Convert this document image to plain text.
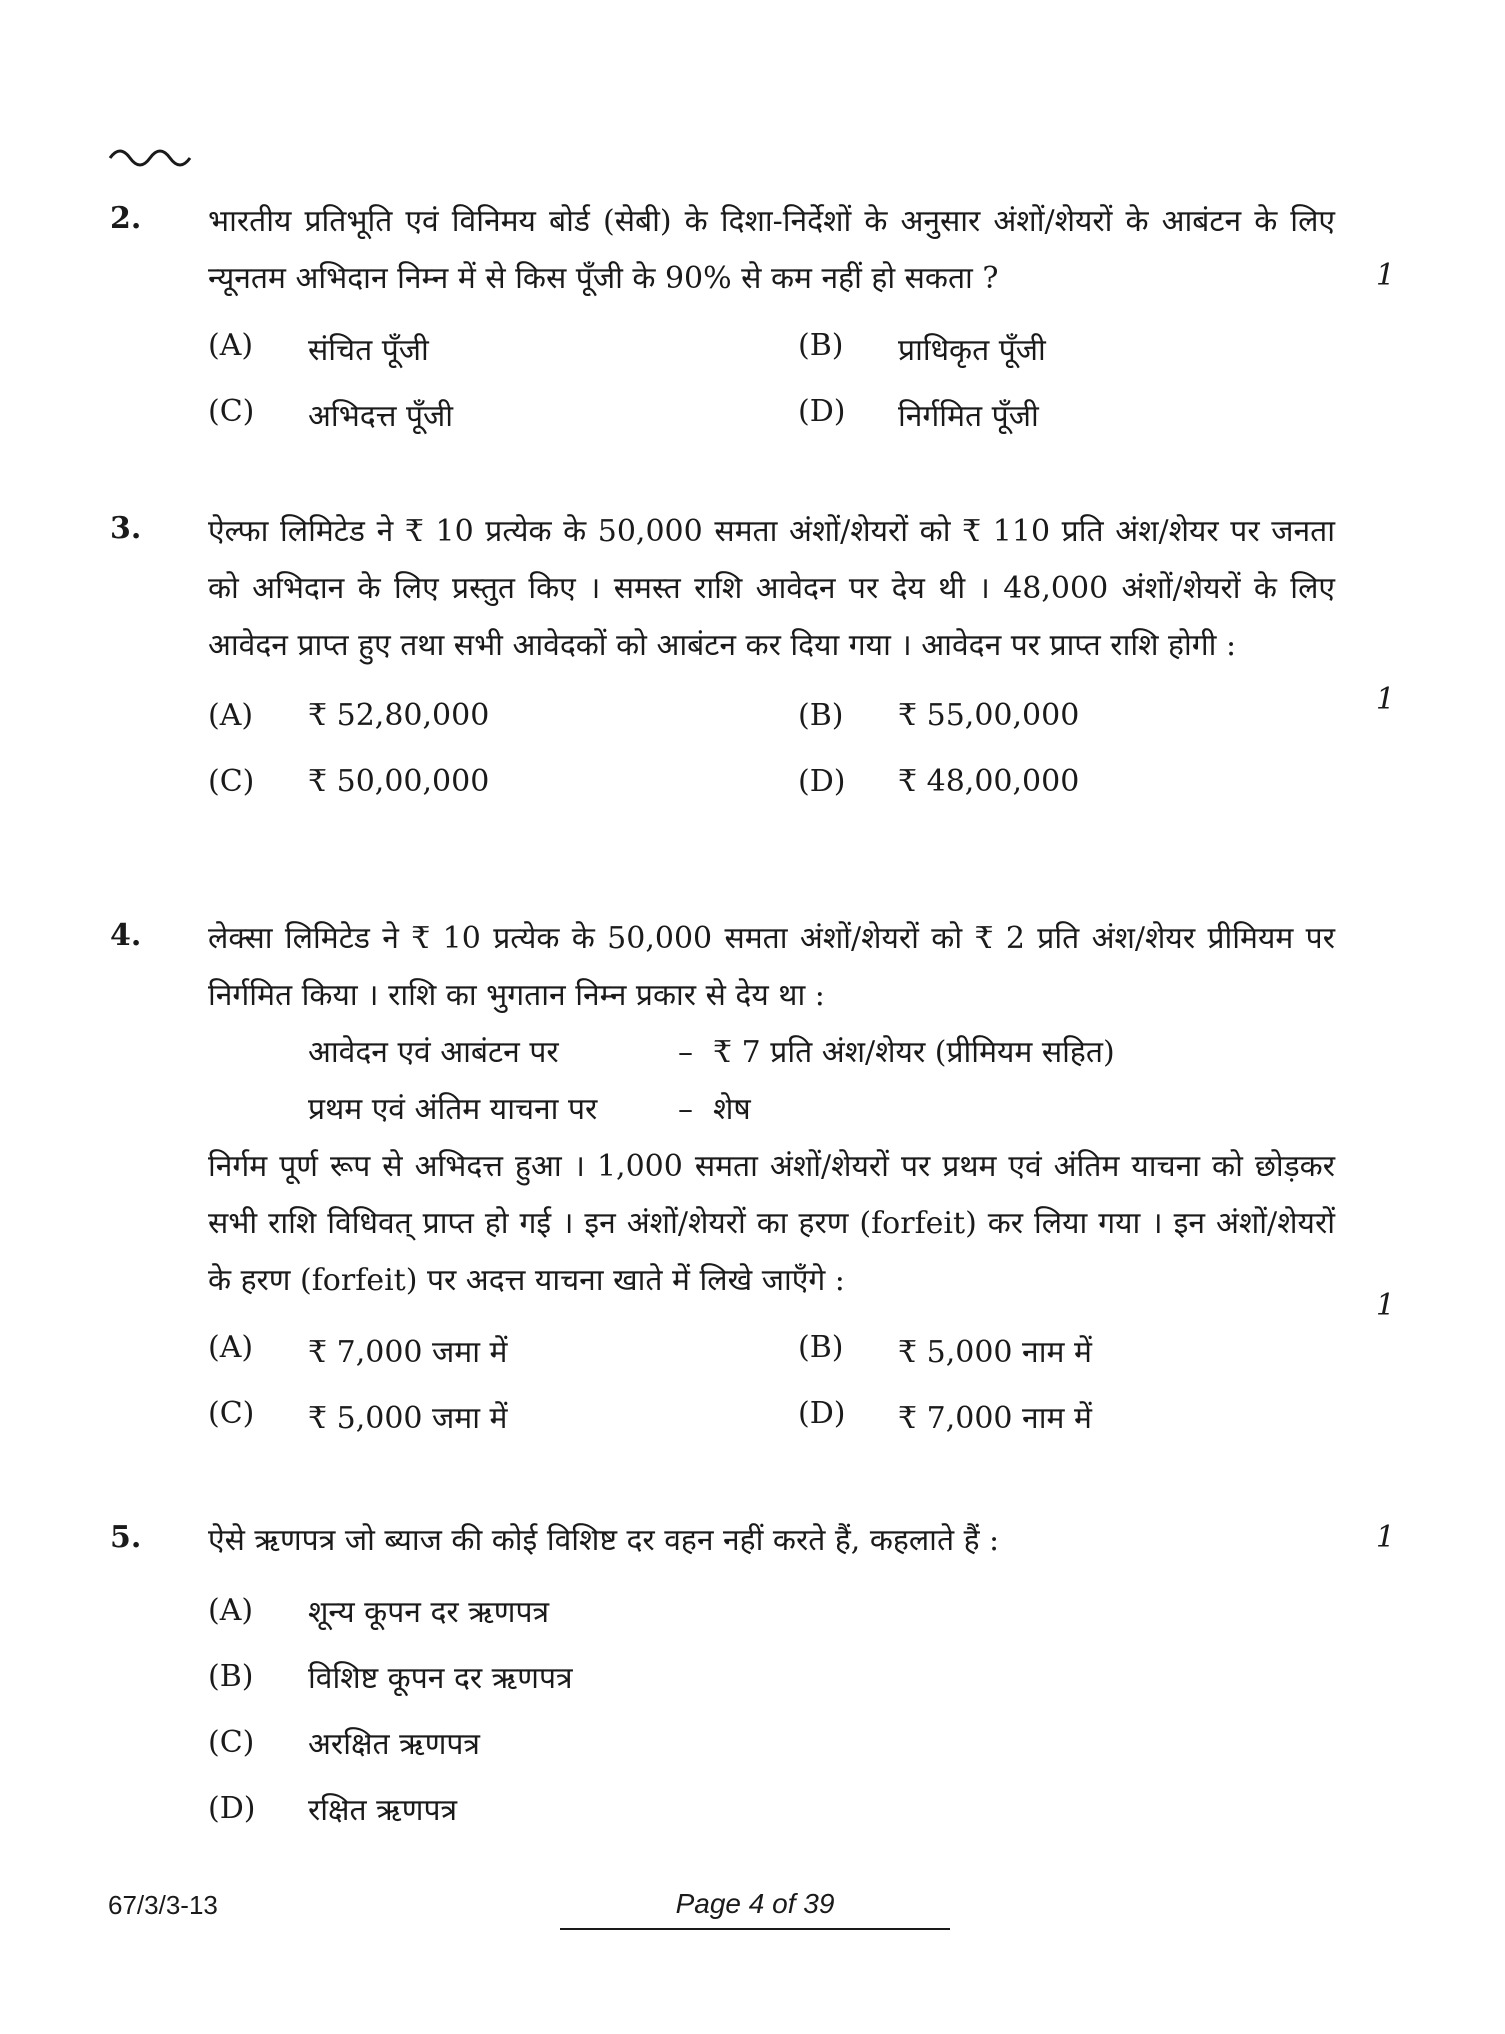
2. भारतीय प्रतिभूति एवं विनिमय बोर्ड (सेबी) के दिशा-निर्देशों के अनुसार अंशों/शेयरों के आबंटन के लिए न्यूनतम अभिदान निम्न में से किस पूँजी के 90% से कम नहीं हो सकता ?	1
(A)	संचित पूँजी	(B)	प्राधिकृत पूँजी
(C)	अभिदत्त पूँजी	(D)	निर्गमित पूँजी
3. ऐल्फा लिमिटेड ने ₹ 10 प्रत्येक के 50,000 समता अंशों/शेयरों को ₹ 110 प्रति अंश/शेयर पर जनता को अभिदान के लिए प्रस्तुत किए । समस्त राशि आवेदन पर देय थी । 48,000 अंशों/शेयरों के लिए आवेदन प्राप्त हुए तथा सभी आवेदकों को आबंटन कर दिया गया । आवेदन पर प्राप्त राशि होगी :
1
(A)	₹ 52,80,000	(B)	₹ 55,00,000
(C)	₹ 50,00,000	(D)	₹ 48,00,000
4. लेक्सा लिमिटेड ने ₹ 10 प्रत्येक के 50,000 समता अंशों/शेयरों को ₹ 2 प्रति अंश/शेयर प्रीमियम पर निर्गमित किया । राशि का भुगतान निम्न प्रकार से देय था :
आवेदन एवं आबंटन पर	– ₹ 7 प्रति अंश/शेयर (प्रीमियम सहित)
प्रथम एवं अंतिम याचना पर	– शेष
निर्गम पूर्ण रूप से अभिदत्त हुआ । 1,000 समता अंशों/शेयरों पर प्रथम एवं अंतिम याचना को छोड़कर सभी राशि विधिवत् प्राप्त हो गई । इन अंशों/शेयरों का हरण (forfeit) कर लिया गया । इन अंशों/शेयरों के हरण (forfeit) पर अदत्त याचना खाते में लिखे जाएँगे :
1
(A)	₹ 7,000 जमा में	(B)	₹ 5,000 नाम में
(C)	₹ 5,000 जमा में	(D)	₹ 7,000 नाम में
5. ऐसे ऋणपत्र जो ब्याज की कोई विशिष्ट दर वहन नहीं करते हैं, कहलाते हैं :	1
(A)	शून्य कूपन दर ऋणपत्र
(B)	विशिष्ट कूपन दर ऋणपत्र
(C)	अरक्षित ऋणपत्र
(D)	रक्षित ऋणपत्र
67/3/3-13	Page 4 of 39
